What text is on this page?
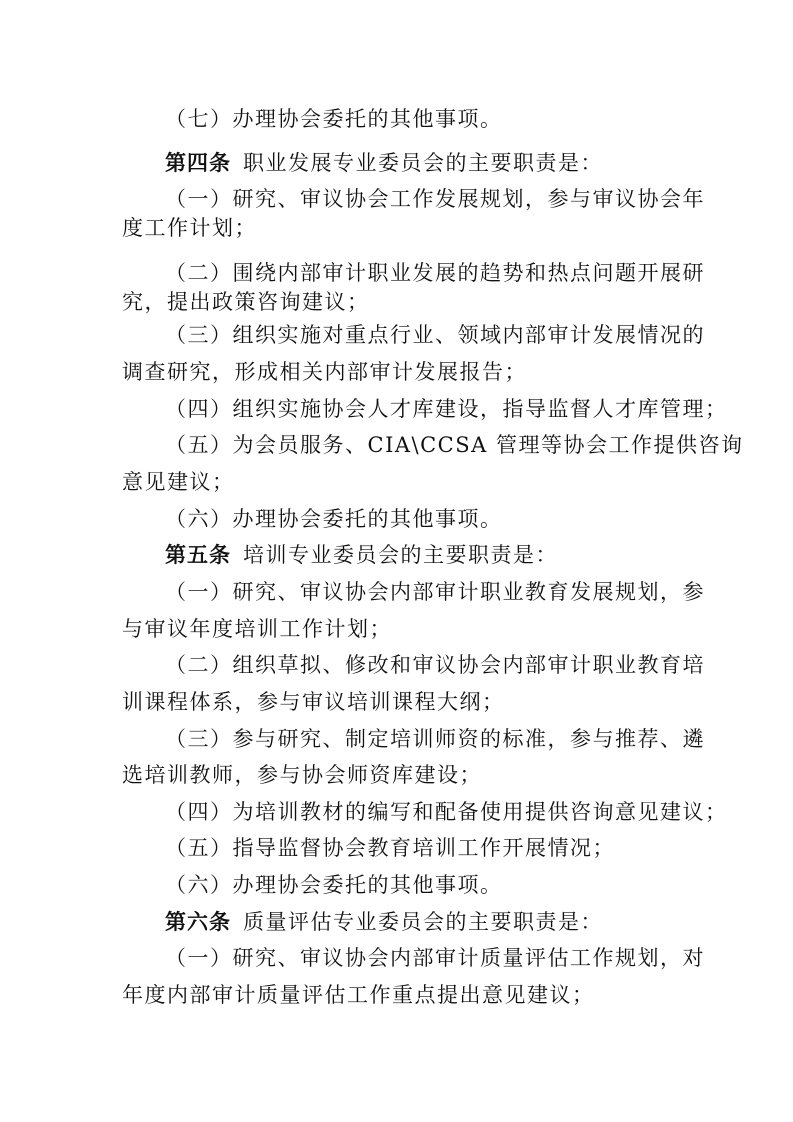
（七）办理协会委托的其他事项。
第四条 职业发展专业委员会的主要职责是：
（一）研究、审议协会工作发展规划，参与审议协会年
度工作计划；
（二）围绕内部审计职业发展的趋势和热点问题开展研
究，提出政策咨询建议；
（三）组织实施对重点行业、领域内部审计发展情况的
调查研究，形成相关内部审计发展报告；
（四）组织实施协会人才库建设，指导监督人才库管理；
（五）为会员服务、CIA\CCSA 管理等协会工作提供咨询
意见建议；
（六）办理协会委托的其他事项。
第五条 培训专业委员会的主要职责是：
（一）研究、审议协会内部审计职业教育发展规划，参
与审议年度培训工作计划；
（二）组织草拟、修改和审议协会内部审计职业教育培
训课程体系，参与审议培训课程大纲；
（三）参与研究、制定培训师资的标准，参与推荐、遴
选培训教师，参与协会师资库建设；
（四）为培训教材的编写和配备使用提供咨询意见建议；
（五）指导监督协会教育培训工作开展情况；
（六）办理协会委托的其他事项。
第六条 质量评估专业委员会的主要职责是：
（一）研究、审议协会内部审计质量评估工作规划，对
年度内部审计质量评估工作重点提出意见建议；
